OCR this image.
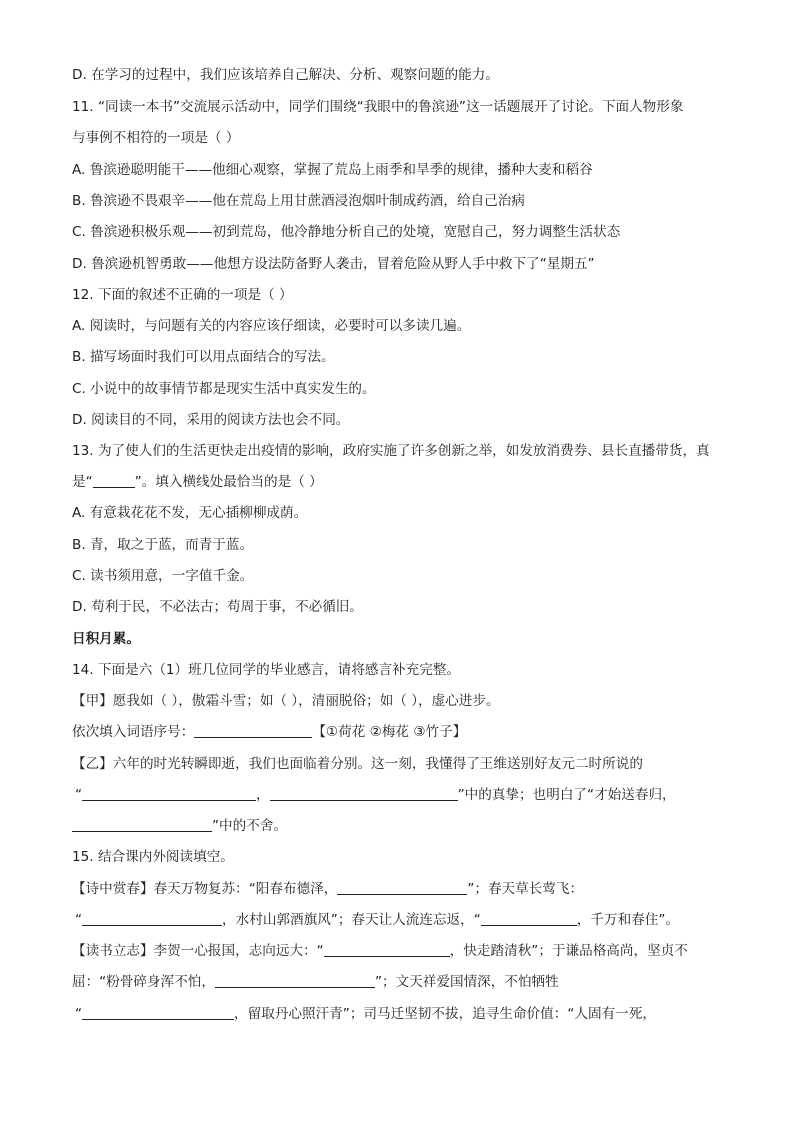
D. 在学习的过程中，我们应该培养自己解决、分析、观察问题的能力。
11. “同读一本书”交流展示活动中，同学们围绕“我眼中的鲁滨逊”这一话题展开了讨论。下面人物形象
与事例不相符的一项是（ ）
A. 鲁滨逊聪明能干——他细心观察，掌握了荒岛上雨季和旱季的规律，播种大麦和稻谷
B. 鲁滨逊不畏艰辛——他在荒岛上用甘蔗酒浸泡烟叶制成药酒，给自己治病
C. 鲁滨逊积极乐观——初到荒岛，他冷静地分析自己的处境，宽慰自己，努力调整生活状态
D. 鲁滨逊机智勇敢——他想方设法防备野人袭击，冒着危险从野人手中救下了“星期五”
12. 下面的叙述不正确的一项是（ ）
A. 阅读时，与问题有关的内容应该仔细读，必要时可以多读几遍。
B. 描写场面时我们可以用点面结合的写法。
C. 小说中的故事情节都是现实生活中真实发生的。
D. 阅读目的不同，采用的阅读方法也会不同。
13. 为了使人们的生活更快走出疫情的影响，政府实施了许多创新之举，如发放消费券、县长直播带货，真
是“	”。填入横线处最恰当的是（ ）
A. 有意栽花花不发，无心插柳柳成荫。
B. 青，取之于蓝，而青于蓝。
C. 读书须用意，一字值千金。
D. 苟利于民，不必法古；苟周于事，不必循旧。
日积月累。
14. 下面是六（1）班几位同学的毕业感言，请将感言补充完整。
【甲】愿我如（ ），傲霜斗雪；如（ ），清丽脱俗；如（ ），虚心进步。
依次填入词语序号：	【①荷花 ②梅花 ③竹子】
【乙】六年的时光转瞬即逝，我们也面临着分别。这一刻，我懂得了王维送别好友元二时所说的
“	，	”中的真挚；也明白了“才始送春归，
”中的不舍。
15. 结合课内外阅读填空。
【诗中赏春】春天万物复苏：“阳春布德泽，	”；春天草长莺飞：
“	，水村山郭酒旗风”；春天让人流连忘返，“	，千万和春住”。
【读书立志】李贺一心报国，志向远大：“	，快走踏清秋”；于谦品格高尚，坚贞不
屈：“粉骨碎身浑不怕，	”；文天祥爱国情深，不怕牺牲
“	，留取丹心照汗青”；司马迁坚韧不拔，追寻生命价值：“人固有一死，
